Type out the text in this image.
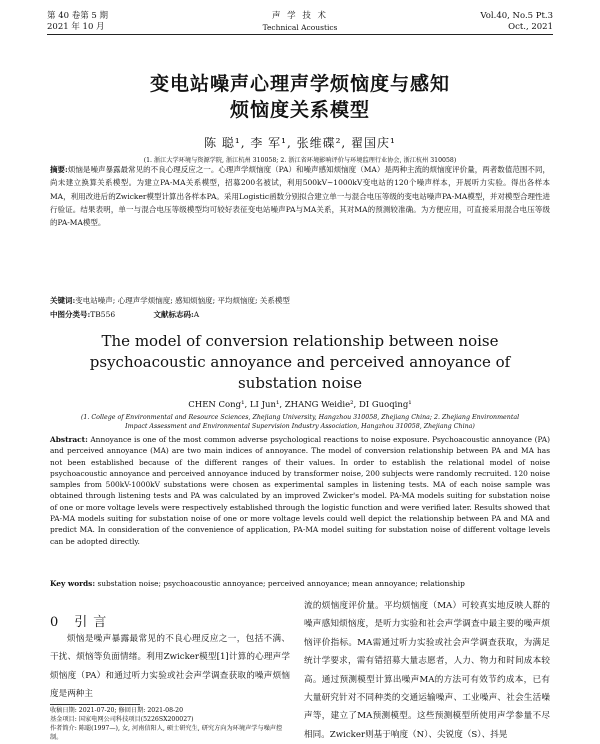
第 40 卷第 5 期
2021 年 10 月
声 学 技 术
Technical Acoustics
Vol.40, No.5 Pt.3
Oct., 2021
变电站噪声心理声学烦恼度与感知
烦恼度关系模型
陈 聪¹, 李 军¹, 张维碟², 翟国庆¹
(1. 浙江大学环境与资源学院, 浙江杭州 310058; 2. 浙江省环境影响评价与环境监理行业协会, 浙江杭州 310058)
摘要:烦恼是噪声暴露最常见的不良心理反应之一。心理声学烦恼度（PA）和噪声感知烦恼度（MA）是两种主流的烦恼度评价量，两者数值范围不同，尚未建立换算关系模型。为建立PA-MA关系模型，招募200名被试，利用500kV~1000kV变电站的120个噪声样本，开展听力实验。得出各样本MA，利用改进后的Zwicker模型计算出各样本PA。采用Logistic函数分别拟合建立单一与混合电压等级的变电站噪声PA-MA模型，并对模型合理性进行验证。结果表明，单一与混合电压等级模型均可较好表征变电站噪声PA与MA关系，其对MA的预测较准确。为方便应用，可直接采用混合电压等级的PA-MA模型。
关键词:变电站噪声; 心理声学烦恼度; 感知烦恼度; 平均烦恼度; 关系模型
中图分类号:TB556	文献标志码:A
The model of conversion relationship between noise
psychoacoustic annoyance and perceived annoyance of
substation noise
CHEN Cong¹, LI Jun¹, ZHANG Weidie², DI Guoqing¹
(1. College of Environmental and Resource Sciences, Zhejiang University, Hangzhou 310058, Zhejiang China; 2. Zhejiang Environmental Impact Assessment and Environmental Supervision Industry Association, Hangzhou 310058, Zhejiang China)
Abstract: Annoyance is one of the most common adverse psychological reactions to noise exposure. Psychoacoustic annoyance (PA) and perceived annoyance (MA) are two main indices of annoyance. The model of conversion relationship between PA and MA has not been established because of the different ranges of their values. In order to establish the relational model of noise psychoacoustic annoyance and perceived annoyance induced by transformer noise, 200 subjects were randomly recruited. 120 noise samples from 500kV-1000kV substations were chosen as experimental samples in listening tests. MA of each noise sample was obtained through listening tests and PA was calculated by an improved Zwicker's model. PA-MA models suiting for substation noise of one or more voltage levels were respectively established through the logistic function and were verified later. Results showed that PA-MA models suiting for substation noise of one or more voltage levels could well depict the relationship between PA and MA and predict MA. In consideration of the convenience of application, PA-MA model suiting for substation noise of different voltage levels can be adopted directly.
Key words: substation noise; psychoacoustic annoyance; perceived annoyance; mean annoyance; relationship
0 引言
烦恼是噪声暴露最常见的不良心理反应之一，包括不满、干扰、烦恼等负面情绪。利用Zwicker模型[1]计算的心理声学烦恼度（PA）和通过听力实验或社会声学调查获取的噪声烦恼度是两种主
收稿日期: 2021-07-20; 修回日期: 2021-08-20
基金项目: 国家电网公司科技项目(5226SX200027)
作者简介: 陈聪(1997—), 女, 河南信阳人, 硕士研究生, 研究方向为环境声学与噪声控制。
流的烦恼度评价量。平均烦恼度（MA）可较真实地反映人群的噪声感知烦恼度，是听力实验和社会声学调查中最主要的噪声烦恼评价指标。MA需通过听力实验或社会声学调查获取，为满足统计学要求，需有错招募大量志愿者，人力、物力和时间成本较高。通过预测模型计算出噪声MA的方法可有效节约成本，已有大量研究针对不同种类的交通运输噪声、工业噪声、社会生活噪声等，建立了MA预测模型。这些预测模型所使用声学参量不尽相同。Zwicker则基于响度（N）、尖锐度（S）、抖晃
